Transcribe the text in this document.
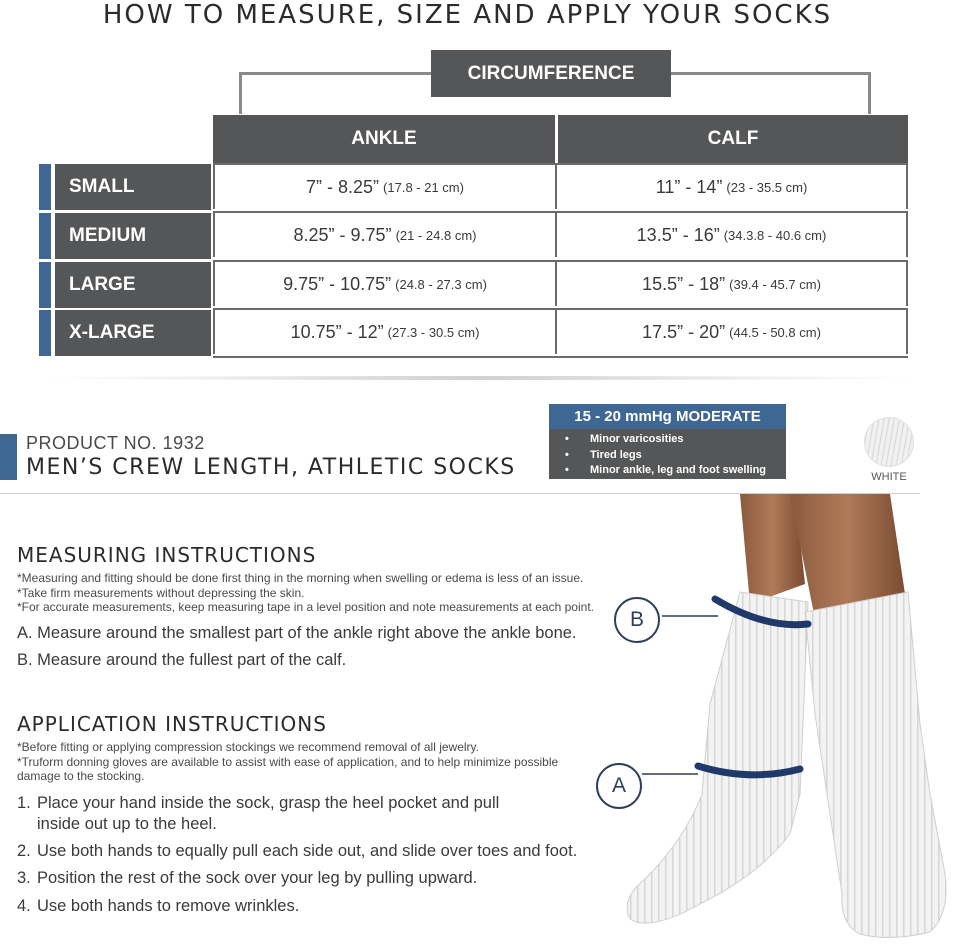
HOW TO MEASURE, SIZE AND APPLY YOUR SOCKS
CIRCUMFERENCE
ANKLE	CALF
SMALL	7” - 8.25” (17.8 - 21 cm)	11” - 14” (23 - 35.5 cm)
MEDIUM	8.25” - 9.75” (21 - 24.8 cm)	13.5” - 16” (34.3.8 - 40.6 cm)
LARGE	9.75” - 10.75” (24.8 - 27.3 cm)	15.5” - 18” (39.4 - 45.7 cm)
X-LARGE	10.75” - 12” (27.3 - 30.5 cm)	17.5” - 20” (44.5 - 50.8 cm)
PRODUCT NO. 1932
MEN’S CREW LENGTH, ATHLETIC SOCKS
15 - 20 mmHg MODERATE
• Minor varicosities
• Tired legs
• Minor ankle, leg and foot swelling
WHITE
MEASURING INSTRUCTIONS
*Measuring and fitting should be done first thing in the morning when swelling or edema is less of an issue.
*Take firm measurements without depressing the skin.
*For accurate measurements, keep measuring tape in a level position and note measurements at each point.
A. Measure around the smallest part of the ankle right above the ankle bone.
B. Measure around the fullest part of the calf.
APPLICATION INSTRUCTIONS
*Before fitting or applying compression stockings we recommend removal of all jewelry.
*Truform donning gloves are available to assist with ease of application, and to help minimize possible
damage to the stocking.
1. Place your hand inside the sock, grasp the heel pocket and pull
inside out up to the heel.
2. Use both hands to equally pull each side out, and slide over toes and foot.
3. Position the rest of the sock over your leg by pulling upward.
4. Use both hands to remove wrinkles.
B
A
